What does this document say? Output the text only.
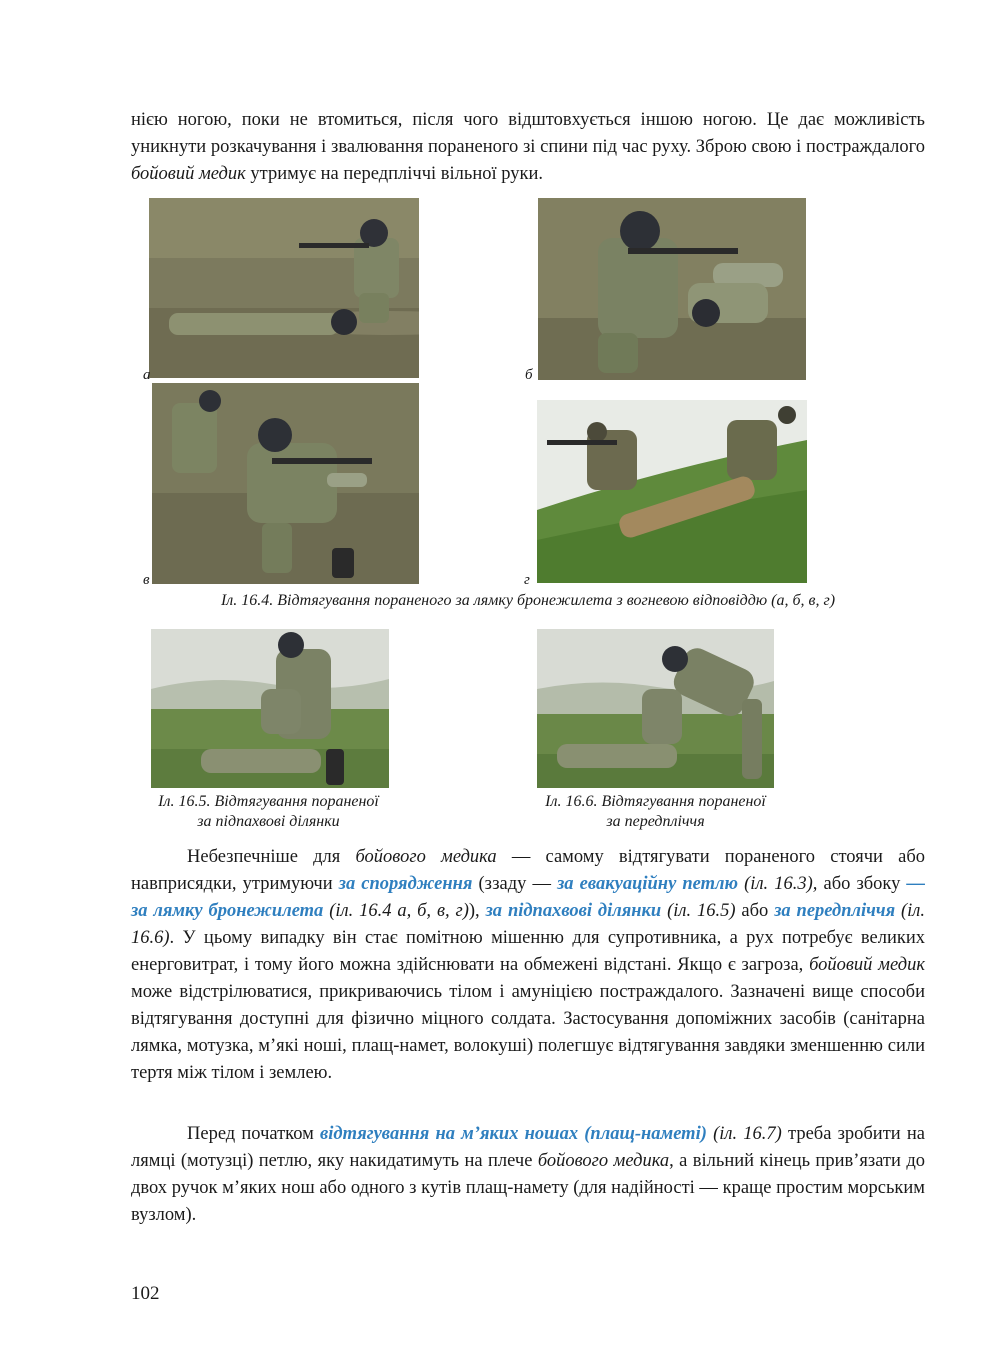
нією ногою, поки не втомиться, після чого відштовхується іншою ногою. Це дає можливість уникнути розкачування і звалювання пораненого зі спини під час руху. Зброю свою і постраждалого бойовий медик утримує на передпліччі вільної руки.

а	б
в	г

Іл. 16.4. Відтягування пораненого за лямку бронежилета з вогневою відповіддю (а, б, в, г)

Іл. 16.5. Відтягування пораненої

за підпахвові ділянки

Іл. 16.6. Відтягування пораненої

за передпліччя

Небезпечніше для бойового медика — самому відтягувати пораненого стоячи або навприсядки, утримуючи за спорядження (ззаду — за евакуаційну петлю (іл. 16.3), або збоку — за лямку бронежилета (іл. 16.4 а, б, в, г)), за підпахвові ділянки (іл. 16.5) або за передпліччя (іл. 16.6). У цьому випадку він стає помітною мішенню для супротивника, а рух потребує великих енерговитрат, і тому його можна здійснювати на обмежені відстані. Якщо є загроза, бойовий медик може відстрілюватися, прикриваючись тілом і амуніцією постраждалого. Зазначені вище способи відтягування доступні для фізично міцного солдата. Застосування допоміжних засобів (санітарна лямка, мотузка, м’які ноші, плащ-намет, волокуші) полегшує відтягування завдяки зменшенню сили тертя між тілом і землею.

Перед початком відтягування на м’яких ношах (плащ-наметі) (іл. 16.7) треба зробити на лямці (мотузці) петлю, яку накидатимуть на плече бойового медика, а вільний кінець прив’язати до двох ручок м’яких нош або одного з кутів плащ-намету (для надійності — краще простим морським вузлом).

102
